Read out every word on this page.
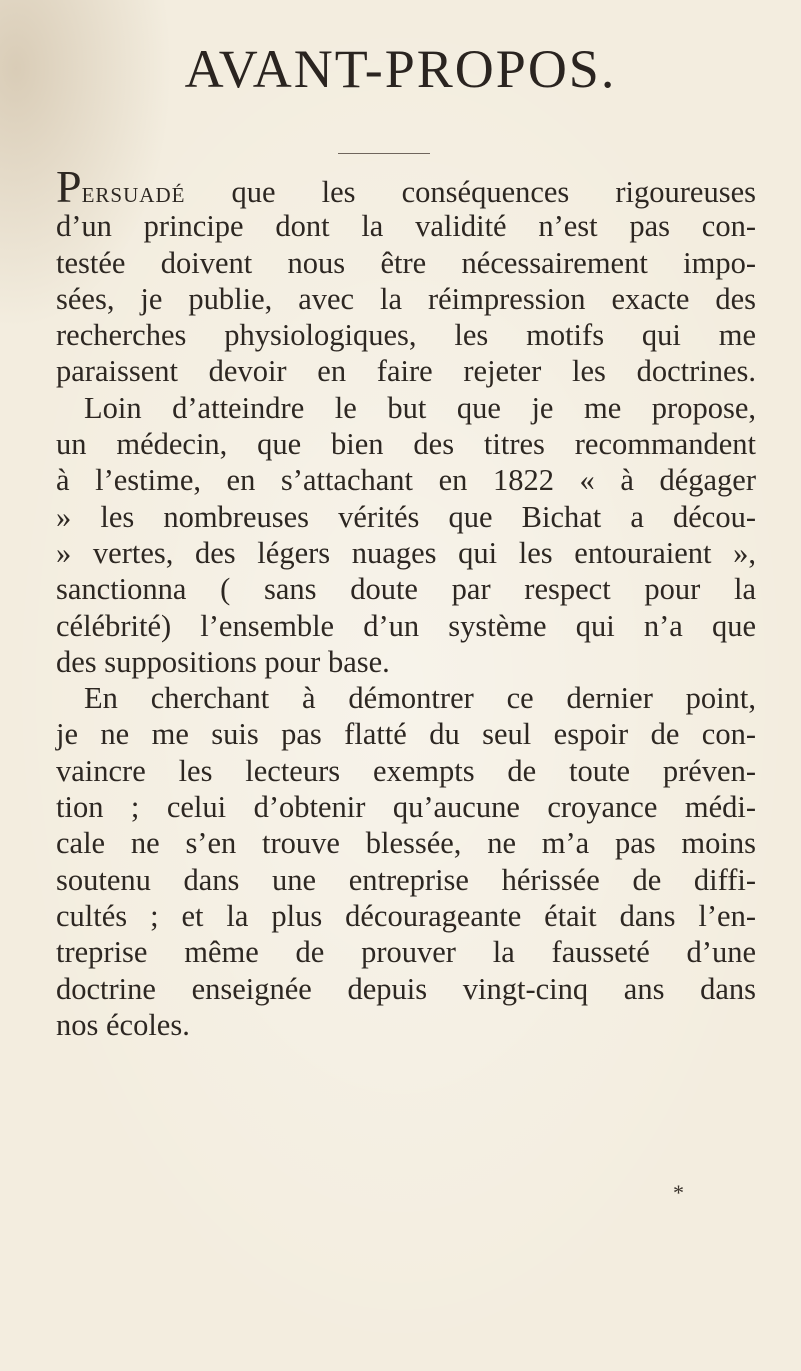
AVANT-PROPOS.
Persuadé que les conséquences rigoureuses
d’un principe dont la validité n’est pas con-
testée doivent nous être nécessairement impo-
sées, je publie, avec la réimpression exacte des
recherches physiologiques, les motifs qui me
paraissent devoir en faire rejeter les doctrines.
Loin d’atteindre le but que je me propose,
un médecin, que bien des titres recommandent
à l’estime, en s’attachant en 1822 « à dégager
» les nombreuses vérités que Bichat a décou-
» vertes, des légers nuages qui les entouraient »,
sanctionna ( sans doute par respect pour la
célébrité) l’ensemble d’un système qui n’a que
des suppositions pour base.
En cherchant à démontrer ce dernier point,
je ne me suis pas flatté du seul espoir de con-
vaincre les lecteurs exempts de toute préven-
tion ; celui d’obtenir qu’aucune croyance médi-
cale ne s’en trouve blessée, ne m’a pas moins
soutenu dans une entreprise hérissée de diffi-
cultés ; et la plus décourageante était dans l’en-
treprise même de prouver la fausseté d’une
doctrine enseignée depuis vingt-cinq ans dans
nos écoles.
*
